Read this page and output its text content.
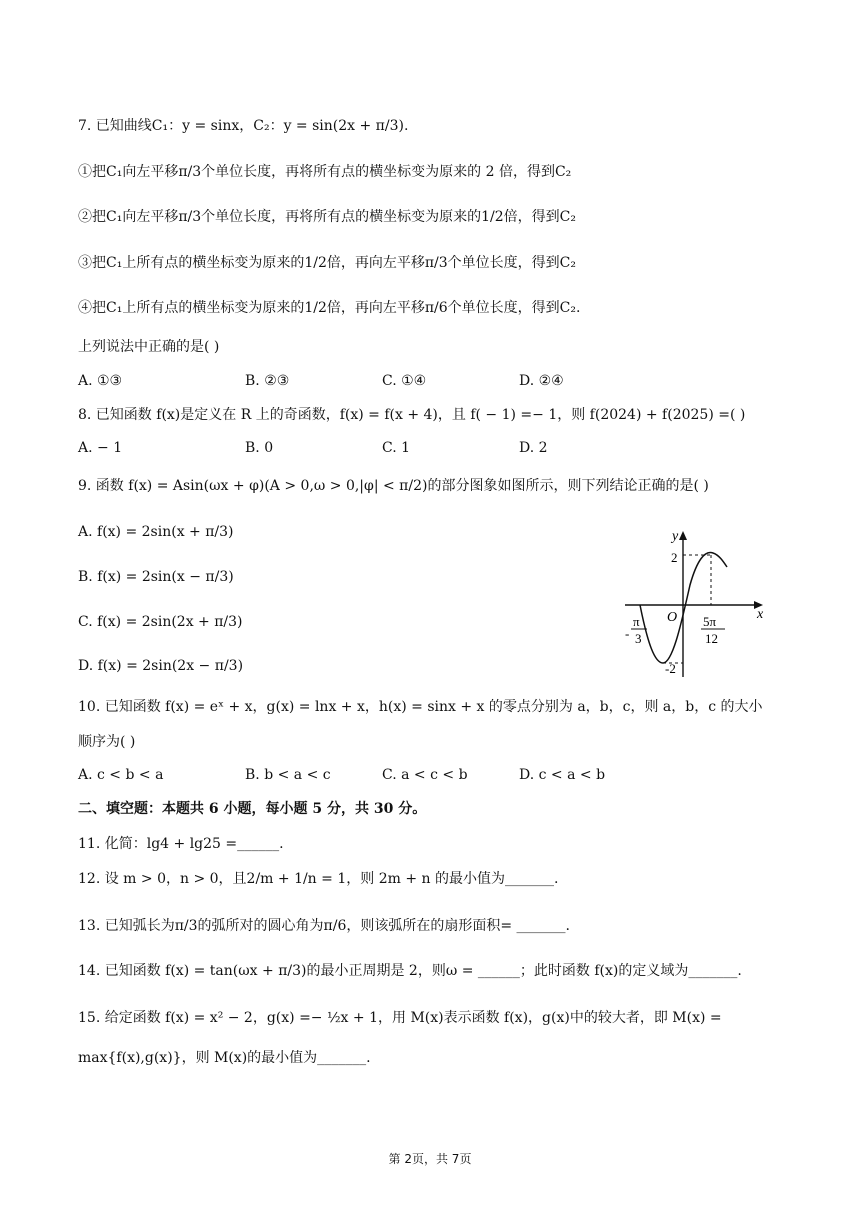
7. 已知曲线C₁：y = sinx，C₂：y = sin(2x + π/3).
①把C₁向左平移π/3个单位长度，再将所有点的横坐标变为原来的 2 倍，得到C₂
②把C₁向左平移π/3个单位长度，再将所有点的横坐标变为原来的1/2倍，得到C₂
③把C₁上所有点的横坐标变为原来的1/2倍，再向左平移π/3个单位长度，得到C₂
④把C₁上所有点的横坐标变为原来的1/2倍，再向左平移π/6个单位长度，得到C₂.
上列说法中正确的是( )
A. ①③	B. ②③	C. ①④	D. ②④
8. 已知函数 f(x)是定义在 R 上的奇函数，f(x) = f(x + 4)，且 f( − 1) =− 1，则 f(2024) + f(2025) =( )
A. − 1	B. 0	C. 1	D. 2
9. 函数 f(x) = Asin(ωx + φ)(A > 0,ω > 0,|φ| < π/2)的部分图象如图所示，则下列结论正确的是( )
A. f(x) = 2sin(x + π/3)
B. f(x) = 2sin(x − π/3)
C. f(x) = 2sin(2x + π/3)
D. f(x) = 2sin(2x − π/3)
y
x
O
2
-2
-
π
3
5π
12
10. 已知函数 f(x) = eˣ + x，g(x) = lnx + x，h(x) = sinx + x 的零点分别为 a，b，c，则 a，b，c 的大小
顺序为( )
A. c < b < a	B. b < a < c	C. a < c < b	D. c < a < b
二、填空题：本题共 6 小题，每小题 5 分，共 30 分。
11. 化简：lg4 + lg25 =______.
12. 设 m > 0，n > 0，且2/m + 1/n = 1，则 2m + n 的最小值为_______.
13. 已知弧长为π/3的弧所对的圆心角为π/6，则该弧所在的扇形面积= _______.
14. 已知函数 f(x) = tan(ωx + π/3)的最小正周期是 2，则ω = ______；此时函数 f(x)的定义域为_______.
15. 给定函数 f(x) = x² − 2，g(x) =− ½x + 1，用 M(x)表示函数 f(x)，g(x)中的较大者，即 M(x) =
max{f(x),g(x)}，则 M(x)的最小值为_______.
第 2页，共 7页
